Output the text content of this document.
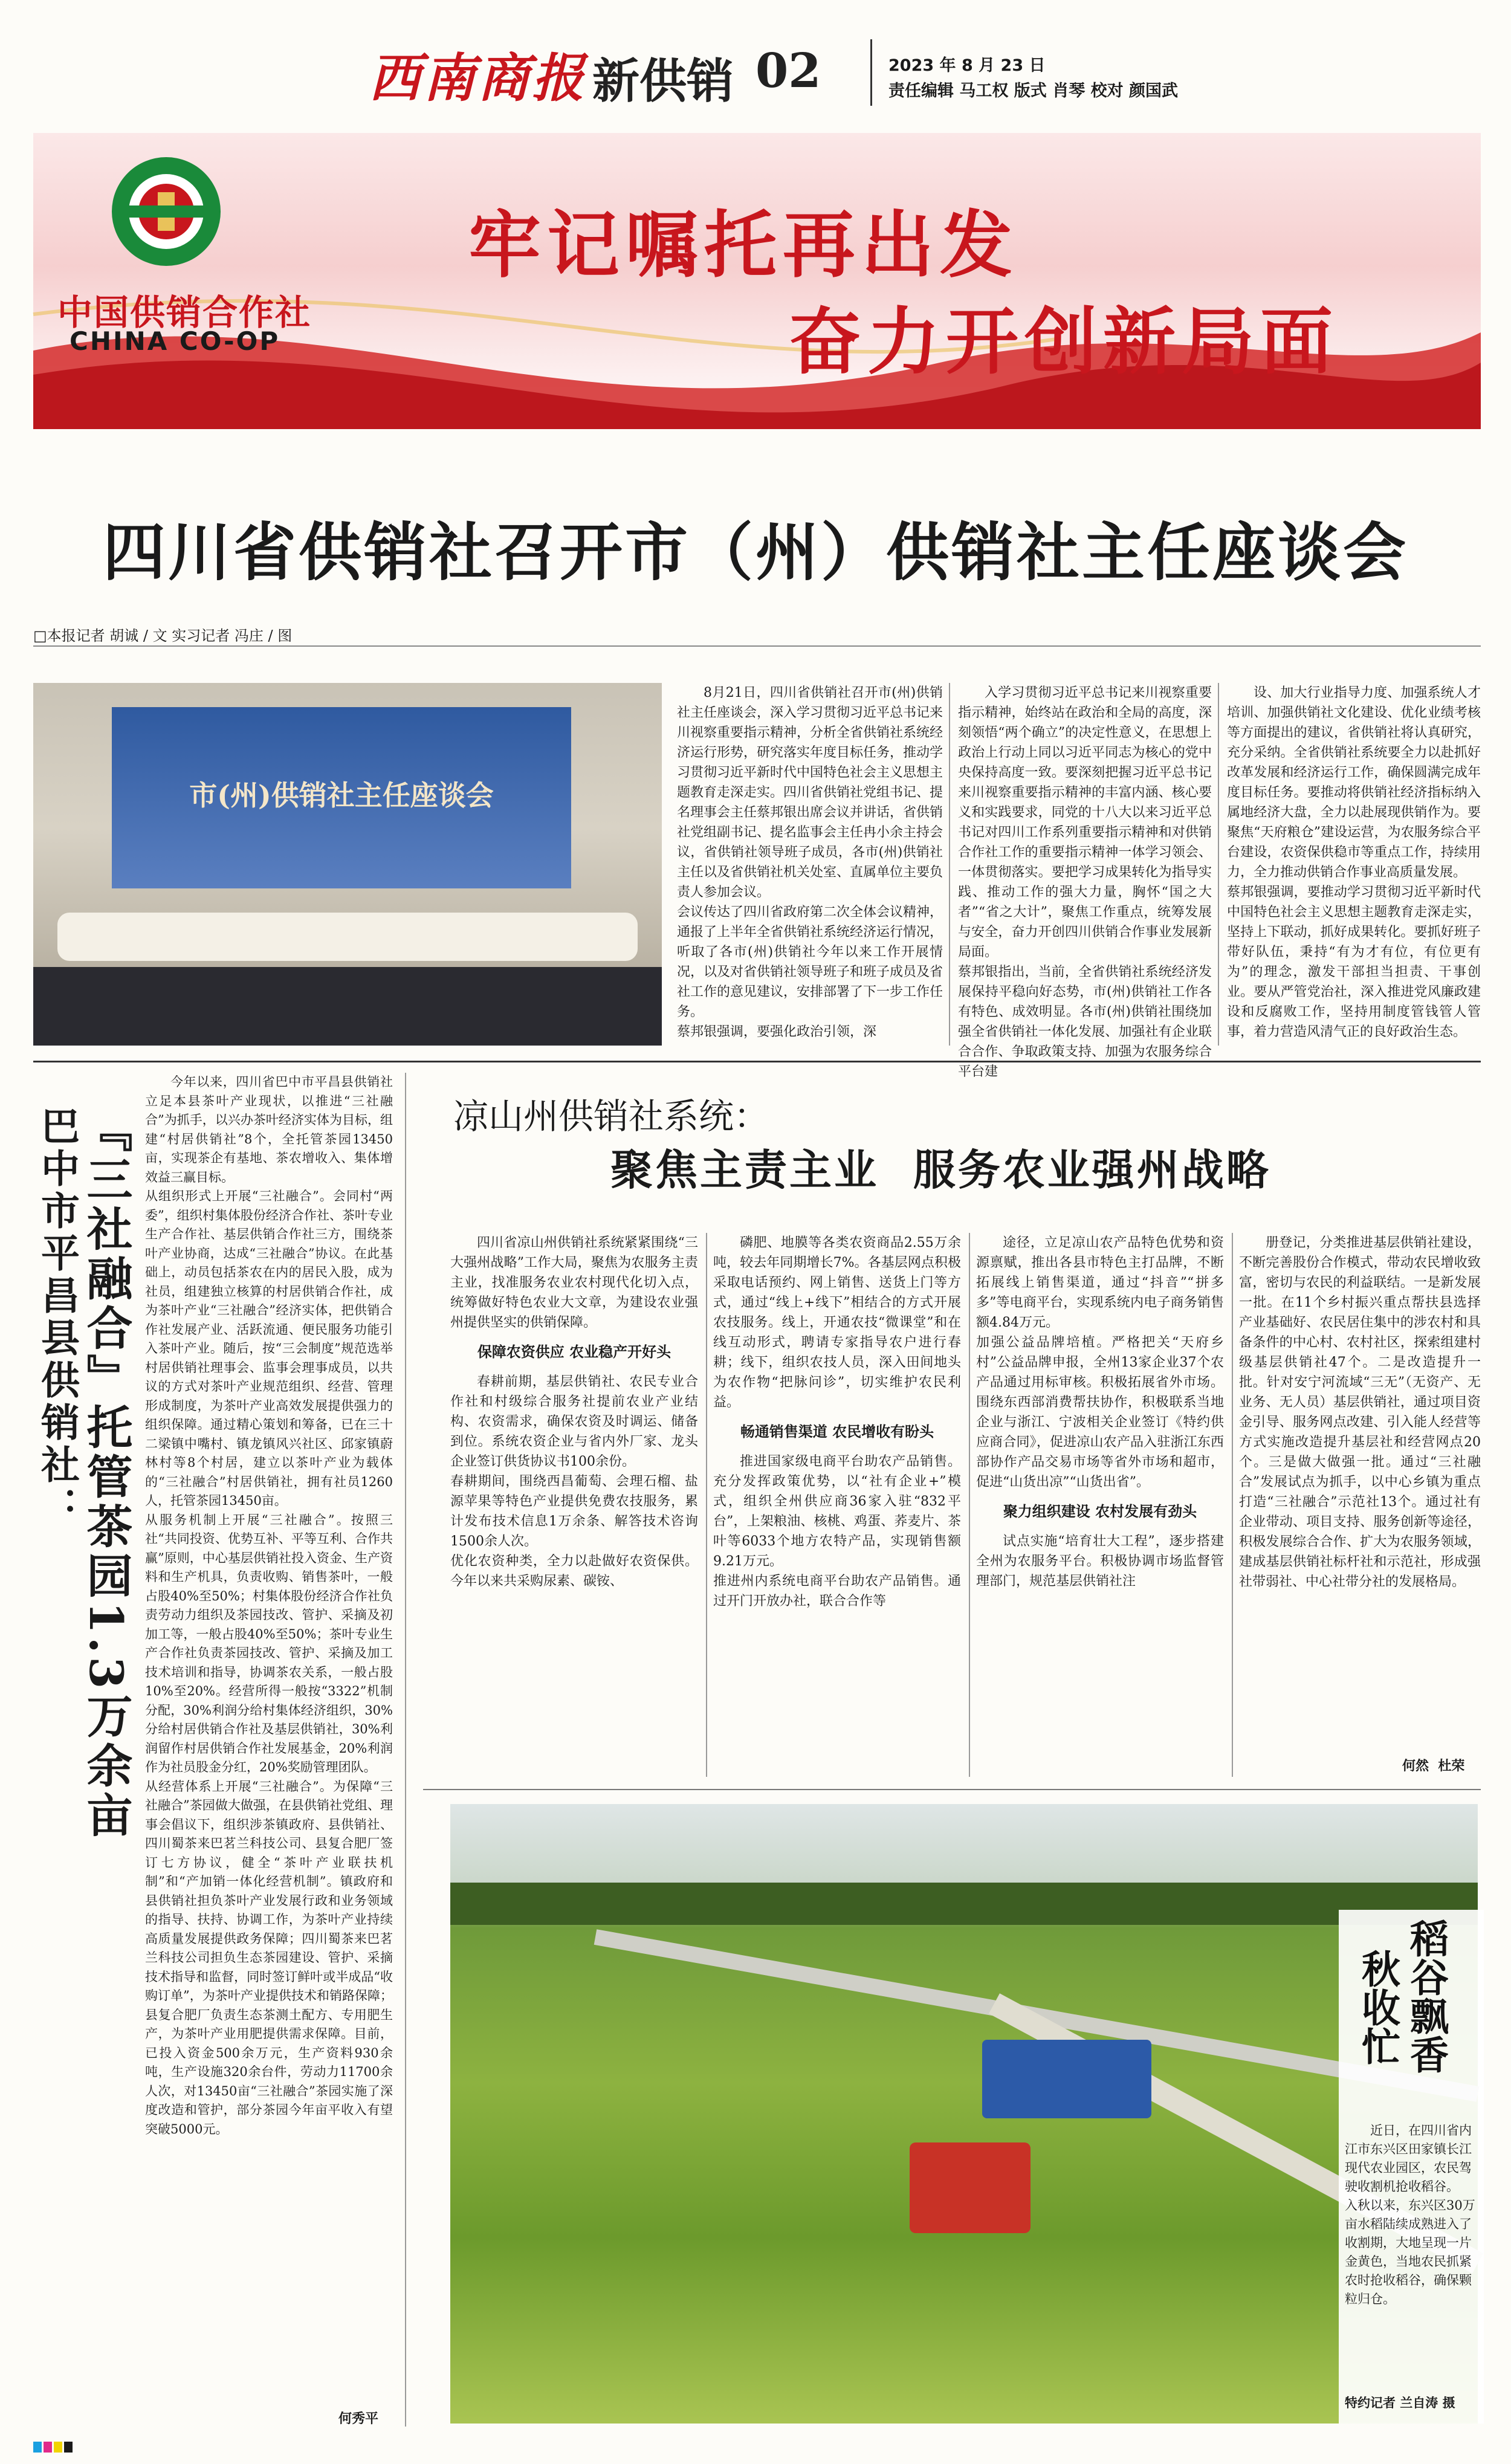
西南商报 新供销 02	2023 年 8 月 23 日
责任编辑 马工权 版式 肖琴 校对 颜国武
中国供销合作社
CHINA CO-OP
牢记嘱托再出发
奋力开创新局面
四川省供销社召开市（州）供销社主任座谈会
□本报记者 胡诚 / 文 实习记者 冯庄 / 图
市(州)供销社主任座谈会
8月21日，四川省供销社召开市(州)供销社主任座谈会，深入学习贯彻习近平总书记来川视察重要指示精神，分析全省供销社系统经济运行形势，研究落实年度目标任务，推动学习贯彻习近平新时代中国特色社会主义思想主题教育走深走实。四川省供销社党组书记、提名理事会主任蔡邦银出席会议并讲话，省供销社党组副书记、提名监事会主任冉小余主持会议，省供销社领导班子成员，各市(州)供销社主任以及省供销社机关处室、直属单位主要负责人参加会议。
会议传达了四川省政府第二次全体会议精神，通报了上半年全省供销社系统经济运行情况，听取了各市(州)供销社今年以来工作开展情况，以及对省供销社领导班子和班子成员及省社工作的意见建议，安排部署了下一步工作任务。
蔡邦银强调，要强化政治引领，深
入学习贯彻习近平总书记来川视察重要指示精神，始终站在政治和全局的高度，深刻领悟“两个确立”的决定性意义，在思想上政治上行动上同以习近平同志为核心的党中央保持高度一致。要深刻把握习近平总书记来川视察重要指示精神的丰富内涵、核心要义和实践要求，同党的十八大以来习近平总书记对四川工作系列重要指示精神和对供销合作社工作的重要指示精神一体学习领会、一体贯彻落实。要把学习成果转化为指导实践、推动工作的强大力量，胸怀“国之大者”“省之大计”，聚焦工作重点，统筹发展与安全，奋力开创四川供销合作事业发展新局面。
蔡邦银指出，当前，全省供销社系统经济发展保持平稳向好态势，市(州)供销社工作各有特色、成效明显。各市(州)供销社围绕加强全省供销社一体化发展、加强社有企业联合合作、争取政策支持、加强为农服务综合平台建
设、加大行业指导力度、加强系统人才培训、加强供销社文化建设、优化业绩考核等方面提出的建议，省供销社将认真研究，充分采纳。全省供销社系统要全力以赴抓好改革发展和经济运行工作，确保圆满完成年度目标任务。要推动将供销社经济指标纳入属地经济大盘，全力以赴展现供销作为。要聚焦“天府粮仓”建设运营，为农服务综合平台建设，农资保供稳市等重点工作，持续用力，全力推动供销合作事业高质量发展。
蔡邦银强调，要推动学习贯彻习近平新时代中国特色社会主义思想主题教育走深走实，坚持上下联动，抓好成果转化。要抓好班子带好队伍，秉持“有为才有位，有位更有为”的理念，激发干部担当担责、干事创业。要从严管党治社，深入推进党风廉政建设和反腐败工作，坚持用制度管钱管人管事，着力营造风清气正的良好政治生态。
巴中市平昌县供销社： 『三社融合』托管茶园1.3万余亩
今年以来，四川省巴中市平昌县供销社立足本县茶叶产业现状，以推进“三社融合”为抓手，以兴办茶叶经济实体为目标，组建“村居供销社”8个，全托管茶园13450亩，实现茶企有基地、茶农增收入、集体增效益三赢目标。
从组织形式上开展“三社融合”。会同村“两委”，组织村集体股份经济合作社、茶叶专业生产合作社、基层供销合作社三方，围绕茶叶产业协商，达成“三社融合”协议。在此基础上，动员包括茶农在内的居民入股，成为社员，组建独立核算的村居供销合作社，成为茶叶产业“三社融合”经济实体，把供销合作社发展产业、活跃流通、便民服务功能引入茶叶产业。随后，按“三会制度”规范选举村居供销社理事会、监事会理事成员，以共议的方式对茶叶产业规范组织、经营、管理形成制度，为茶叶产业高效发展提供强力的组织保障。通过精心策划和筹备，已在三十二梁镇中嘴村、镇龙镇风兴社区、邱家镇蔚林村等8个村居，建立以茶叶产业为载体的“三社融合”村居供销社，拥有社员1260人，托管茶园13450亩。
从服务机制上开展“三社融合”。按照三社“共同投资、优势互补、平等互利、合作共赢”原则，中心基层供销社投入资金、生产资料和生产机具，负责收购、销售茶叶，一般占股40%至50%；村集体股份经济合作社负责劳动力组织及茶园技改、管护、采摘及初加工等，一般占股40%至50%；茶叶专业生产合作社负责茶园技改、管护、采摘及加工技术培训和指导，协调茶农关系，一般占股10%至20%。经营所得一般按“3322”机制分配，30%利润分给村集体经济组织，30%分给村居供销合作社及基层供销社，30%利润留作村居供销合作社发展基金，20%利润作为社员股金分红，20%奖励管理团队。
从经营体系上开展“三社融合”。为保障“三社融合”茶园做大做强，在县供销社党组、理事会倡议下，组织涉茶镇政府、县供销社、四川蜀茶来巴茗兰科技公司、县复合肥厂签订七方协议，健全“茶叶产业联扶机制”和“产加销一体化经营机制”。镇政府和县供销社担负茶叶产业发展行政和业务领域的指导、扶持、协调工作，为茶叶产业持续高质量发展提供政务保障；四川蜀茶来巴茗兰科技公司担负生态茶园建设、管护、采摘技术指导和监督，同时签订鲜叶或半成品“收购订单”，为茶叶产业提供技术和销路保障；县复合肥厂负责生态茶测土配方、专用肥生产，为茶叶产业用肥提供需求保障。目前，已投入资金500余万元，生产资料930余吨，生产设施320余台件，劳动力11700余人次，对13450亩“三社融合”茶园实施了深度改造和管护，部分茶园今年亩平收入有望突破5000元。
何秀平
凉山州供销社系统：
聚焦主责主业  服务农业强州战略
四川省凉山州供销社系统紧紧围绕“三大强州战略”工作大局，聚焦为农服务主责主业，找准服务农业农村现代化切入点，统筹做好特色农业大文章，为建设农业强州提供坚实的供销保障。
保障农资供应 农业稳产开好头
春耕前期，基层供销社、农民专业合作社和村级综合服务社提前农业产业结构、农资需求，确保农资及时调运、储备到位。系统农资企业与省内外厂家、龙头企业签订供货协议书100余份。
春耕期间，围绕西昌葡萄、会理石榴、盐源苹果等特色产业提供免费农技服务，累计发布技术信息1万余条、解答技术咨询1500余人次。
优化农资种类，全力以赴做好农资保供。今年以来共采购尿素、碳铵、
磷肥、地膜等各类农资商品2.55万余吨，较去年同期增长7%。各基层网点积极采取电话预约、网上销售、送货上门等方式，通过“线上+线下”相结合的方式开展农技服务。线上，开通农技“微课堂”和在线互动形式，聘请专家指导农户进行春耕；线下，组织农技人员，深入田间地头为农作物“把脉问诊”，切实维护农民利益。
畅通销售渠道 农民增收有盼头
推进国家级电商平台助农产品销售。充分发挥政策优势，以“社有企业+”模式，组织全州供应商36家入驻“832平台”，上架粮油、核桃、鸡蛋、荞麦片、茶叶等6033个地方农特产品，实现销售额9.21万元。
推进州内系统电商平台助农产品销售。通过开门开放办社，联合合作等
途径，立足凉山农产品特色优势和资源禀赋，推出各县市特色主打品牌，不断拓展线上销售渠道，通过“抖音”“拼多多”等电商平台，实现系统内电子商务销售额4.84万元。
加强公益品牌培植。严格把关“天府乡村”公益品牌申报，全州13家企业37个农产品通过用标审核。积极拓展省外市场。围绕东西部消费帮扶协作，积极联系当地企业与浙江、宁波相关企业签订《特约供应商合同》，促进凉山农产品入驻浙江东西部协作产品交易市场等省外市场和超市，促进“山货出凉”“山货出省”。
聚力组织建设 农村发展有劲头
试点实施“培育壮大工程”，逐步搭建全州为农服务平台。积极协调市场监督管理部门，规范基层供销社注
册登记，分类推进基层供销社建设，不断完善股份合作模式，带动农民增收致富，密切与农民的利益联结。一是新发展一批。在11个乡村振兴重点帮扶县选择产业基础好、农民居住集中的涉农村和具备条件的中心村、农村社区，探索组建村级基层供销社47个。二是改造提升一批。针对安宁河流域“三无”（无资产、无业务、无人员）基层供销社，通过项目资金引导、服务网点改建、引入能人经营等方式实施改造提升基层社和经营网点20个。三是做大做强一批。通过“三社融合”发展试点为抓手，以中心乡镇为重点打造“三社融合”示范社13个。通过社有企业带动、项目支持、服务创新等途径，积极发展综合合作、扩大为农服务领域，建成基层供销社标杆社和示范社，形成强社带弱社、中心社带分社的发展格局。
何然  杜荣
稻谷飘香
秋收忙
近日，在四川省内江市东兴区田家镇长江现代农业园区，农民驾驶收割机抢收稻谷。
入秋以来，东兴区30万亩水稻陆续成熟进入了收割期，大地呈现一片金黄色，当地农民抓紧农时抢收稻谷，确保颗粒归仓。
特约记者 兰自涛 摄
